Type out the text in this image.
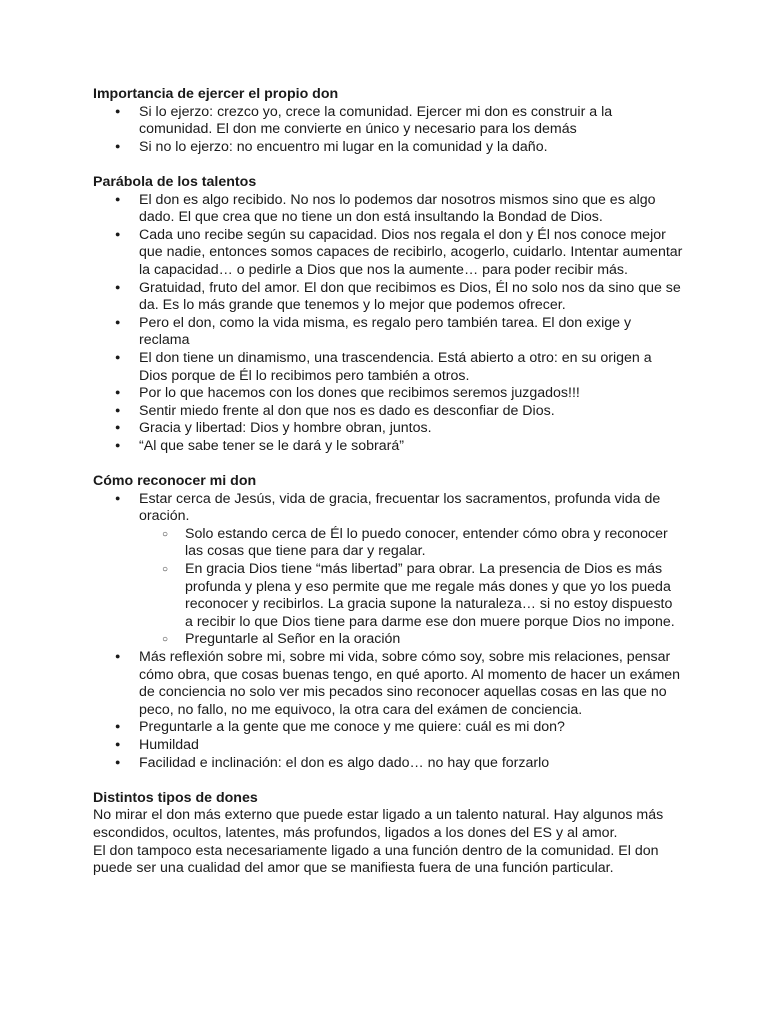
Importancia de ejercer el propio don

●
Si lo ejerzo: crezco yo, crece la comunidad. Ejercer mi don es construir a la comunidad. El don me convierte en único y necesario para los demás
●
Si no lo ejerzo: no encuentro mi lugar en la comunidad y la daño.

Parábola de los talentos

●
El don es algo recibido. No nos lo podemos dar nosotros mismos sino que es algo dado. El que crea que no tiene un don está insultando la Bondad de Dios.
●
Cada uno recibe según su capacidad. Dios nos regala el don y Él nos conoce mejor que nadie, entonces somos capaces de recibirlo, acogerlo, cuidarlo. Intentar aumentar la capacidad… o pedirle a Dios que nos la aumente… para poder recibir más.
●
Gratuidad, fruto del amor. El don que recibimos es Dios, Él no solo nos da sino que se da. Es lo más grande que tenemos y lo mejor que podemos ofrecer.
●
Pero el don, como la vida misma, es regalo pero también tarea. El don exige y reclama
●
El don tiene un dinamismo, una trascendencia. Está abierto a otro: en su origen a Dios porque de Él lo recibimos pero también a otros.
●
Por lo que hacemos con los dones que recibimos seremos juzgados!!!
●
Sentir miedo frente al don que nos es dado es desconfiar de Dios.
●
Gracia y libertad: Dios y hombre obran, juntos.
●
“Al que sabe tener se le dará y le sobrará”

Cómo reconocer mi don

●
Estar cerca de Jesús, vida de gracia, frecuentar los sacramentos, profunda vida de oración.
○
Solo estando cerca de Él lo puedo conocer, entender cómo obra y reconocer las cosas que tiene para dar y regalar.
○
En gracia Dios tiene “más libertad” para obrar. La presencia de Dios es más profunda y plena y eso permite que me regale más dones y que yo los pueda reconocer y recibirlos. La gracia supone la naturaleza… si no estoy dispuesto a recibir lo que Dios tiene para darme ese don muere porque Dios no impone.
○
Preguntarle al Señor en la oración
●
Más reflexión sobre mi, sobre mi vida, sobre cómo soy, sobre mis relaciones, pensar cómo obra, que cosas buenas tengo, en qué aporto. Al momento de hacer un exámen de conciencia no solo ver mis pecados sino reconocer aquellas cosas en las que no peco, no fallo, no me equivoco, la otra cara del exámen de conciencia.
●
Preguntarle a la gente que me conoce y me quiere: cuál es mi don?
●
Humildad
●
Facilidad e inclinación: el don es algo dado… no hay que forzarlo

Distintos tipos de dones

No mirar el don más externo que puede estar ligado a un talento natural. Hay algunos más escondidos, ocultos, latentes, más profundos, ligados a los dones del ES y al amor.

El don tampoco esta necesariamente ligado a una función dentro de la comunidad. El don puede ser una cualidad del amor que se manifiesta fuera de una función particular.
